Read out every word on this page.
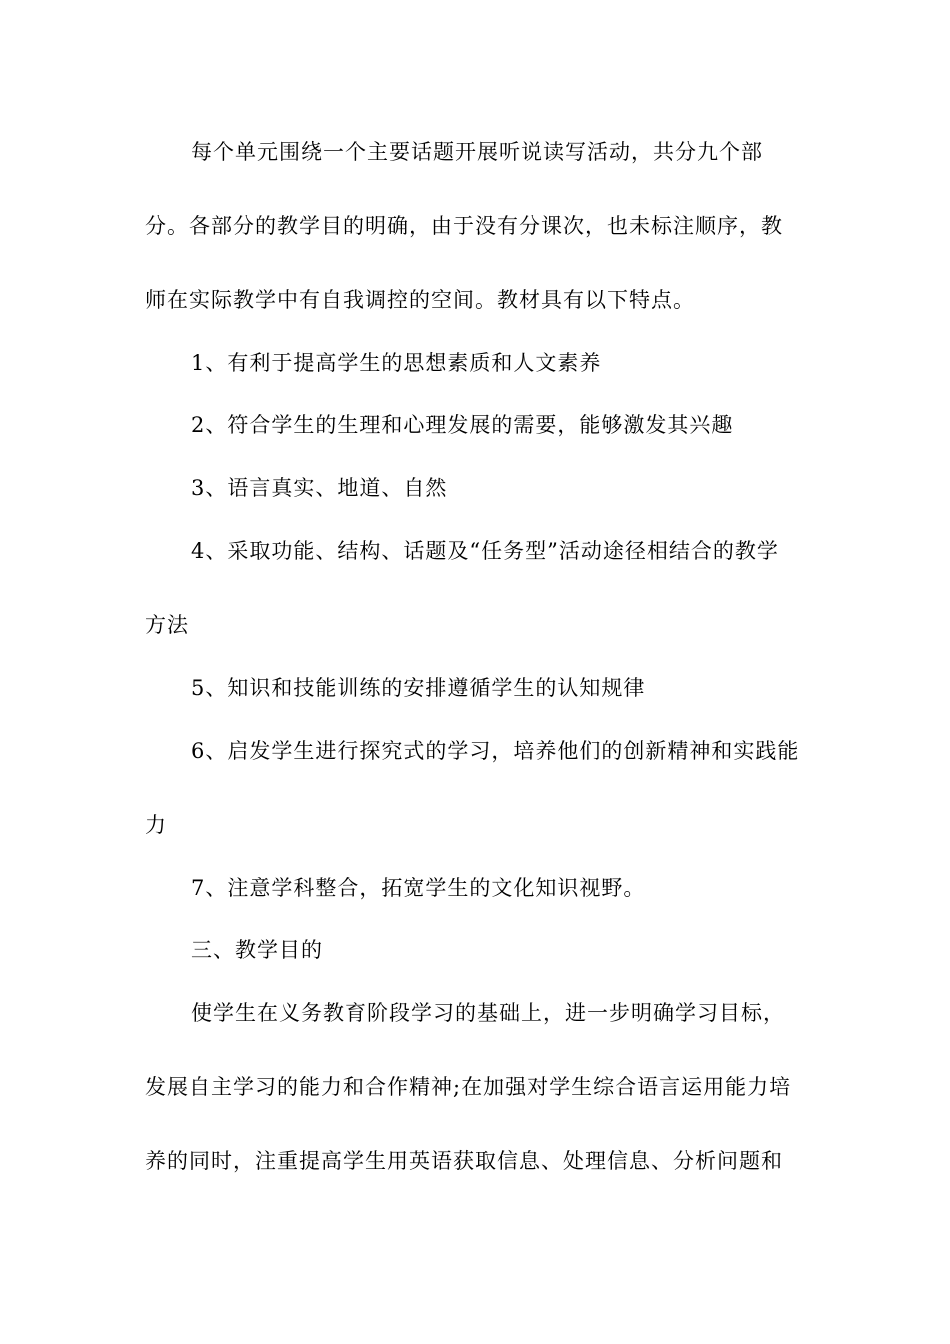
每个单元围绕一个主要话题开展听说读写活动，共分九个部
分。各部分的教学目的明确，由于没有分课次，也未标注顺序，教
师在实际教学中有自我调控的空间。教材具有以下特点。
1、有利于提高学生的思想素质和人文素养
2、符合学生的生理和心理发展的需要，能够激发其兴趣
3、语言真实、地道、自然
4、采取功能、结构、话题及“任务型”活动途径相结合的教学
方法
5、知识和技能训练的安排遵循学生的认知规律
6、启发学生进行探究式的学习，培养他们的创新精神和实践能
力
7、注意学科整合，拓宽学生的文化知识视野。
三、教学目的
使学生在义务教育阶段学习的基础上，进一步明确学习目标，
发展自主学习的能力和合作精神;在加强对学生综合语言运用能力培
养的同时，注重提高学生用英语获取信息、处理信息、分析问题和
